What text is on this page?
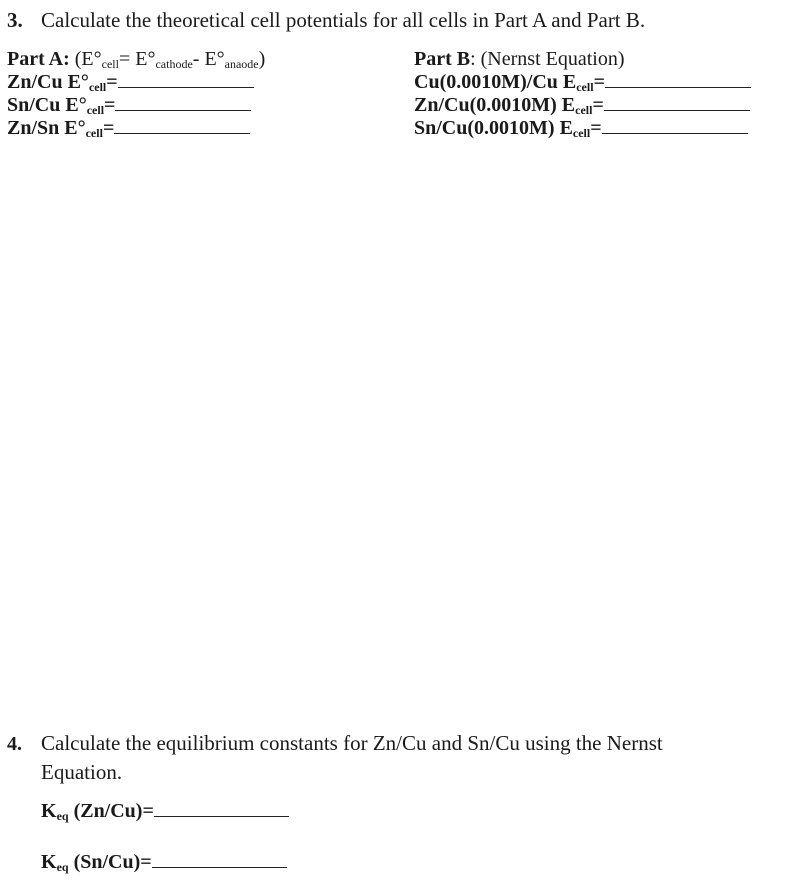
3. Calculate the theoretical cell potentials for all cells in Part A and Part B.
Part A: ($E^\circ_{cell}= E^\circ_{cathode}-$ $E^\circ_{anaode}$)
Zn/Cu $E^\circ_{cell}=$
Sn/Cu $E^\circ_{cell}=$
Zn/Sn $E^\circ_{cell}=$
Part B: (Nernst Equation)
Cu(0.0010M)/Cu $E_{cell}=$
Zn/Cu(0.0010M) $E_{cell}=$
Sn/Cu(0.0010M) $E_{cell}=$
4. Calculate the equilibrium constants for Zn/Cu and Sn/Cu using the Nernst
Equation.
$K_{eq}$ (Zn/Cu)=
$K_{eq}$ (Sn/Cu)=
